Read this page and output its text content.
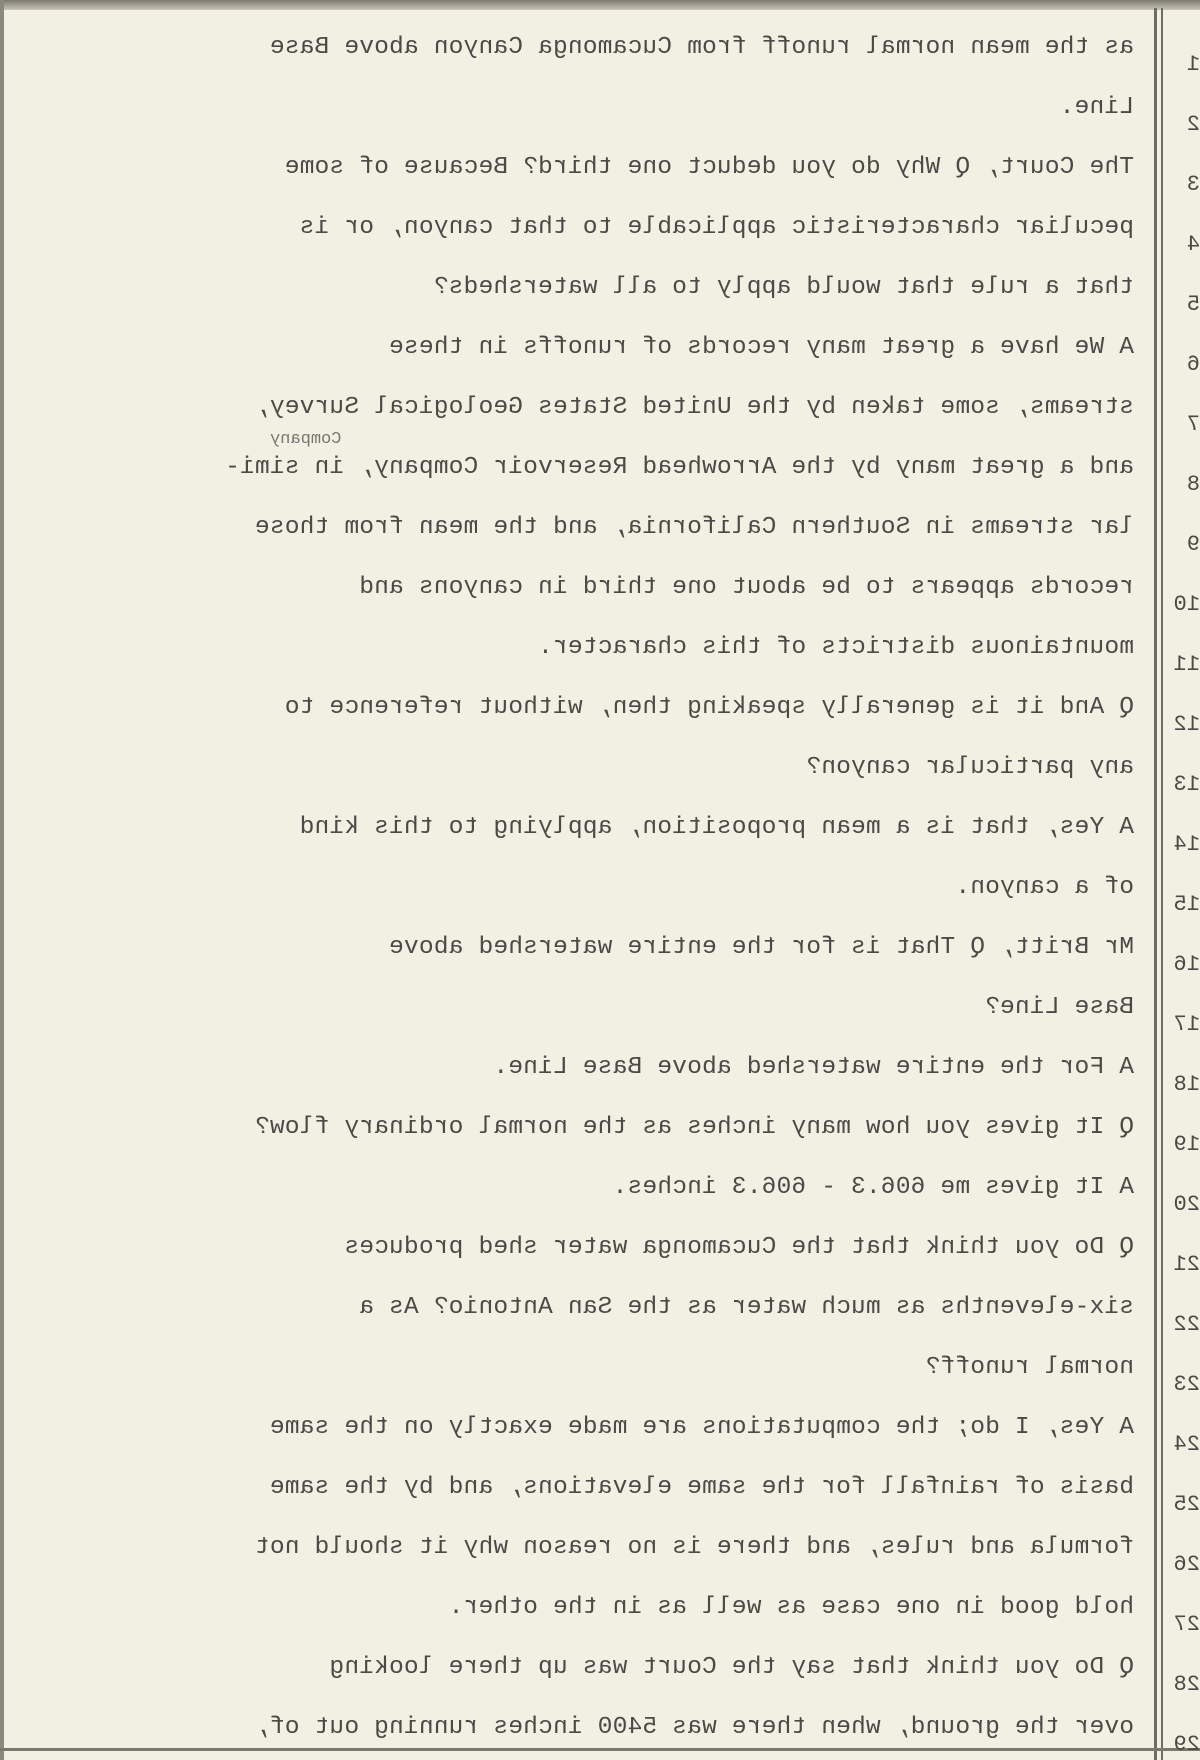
as the mean normal runoff from Cucamonga Canyon above Base
Line.
The Court, Q Why do you deduct one third? Because of some
peculiar characteristic applicable to that canyon, or is
that a rule that would apply to all watersheds?
A We have a great many records of runoffs in these
streams, some taken by the United States Geological Survey,
and a great many by the Arrowhead Reservoir Company, in simi-
lar streams in Southern California, and the mean from those
records appears to be about one third in canyons and
mountainous districts of this character.
Q And it is generally speaking then, without reference to
any particular canyon?
A Yes, that is a mean proposition, applying to this kind
of a canyon.
Mr Britt, Q That is for the entire watershed above
Base Line?
A For the entire watershed above Base Line.
Q It gives you how many inches as the normal ordinary flow?
A It gives me 606.3 - 606.3 inches.
Q Do you think that the Cucamonga water shed produces
six-elevenths as much water as the San Antonio? As a
normal runoff?
A Yes, I do; the computations are made exactly on the same
basis of rainfall for the same elevations, and by the same
formula and rules, and there is no reason why it should not
hold good in one case as well as in the other.
Q Do you think that say the Court was up there looking
over the ground, when there was 5400 inches running out of,
Company
1
2
3
4
5
6
7
8
9
10
11
12
13
14
15
16
17
18
19
20
21
22
23
24
25
26
27
28
29
